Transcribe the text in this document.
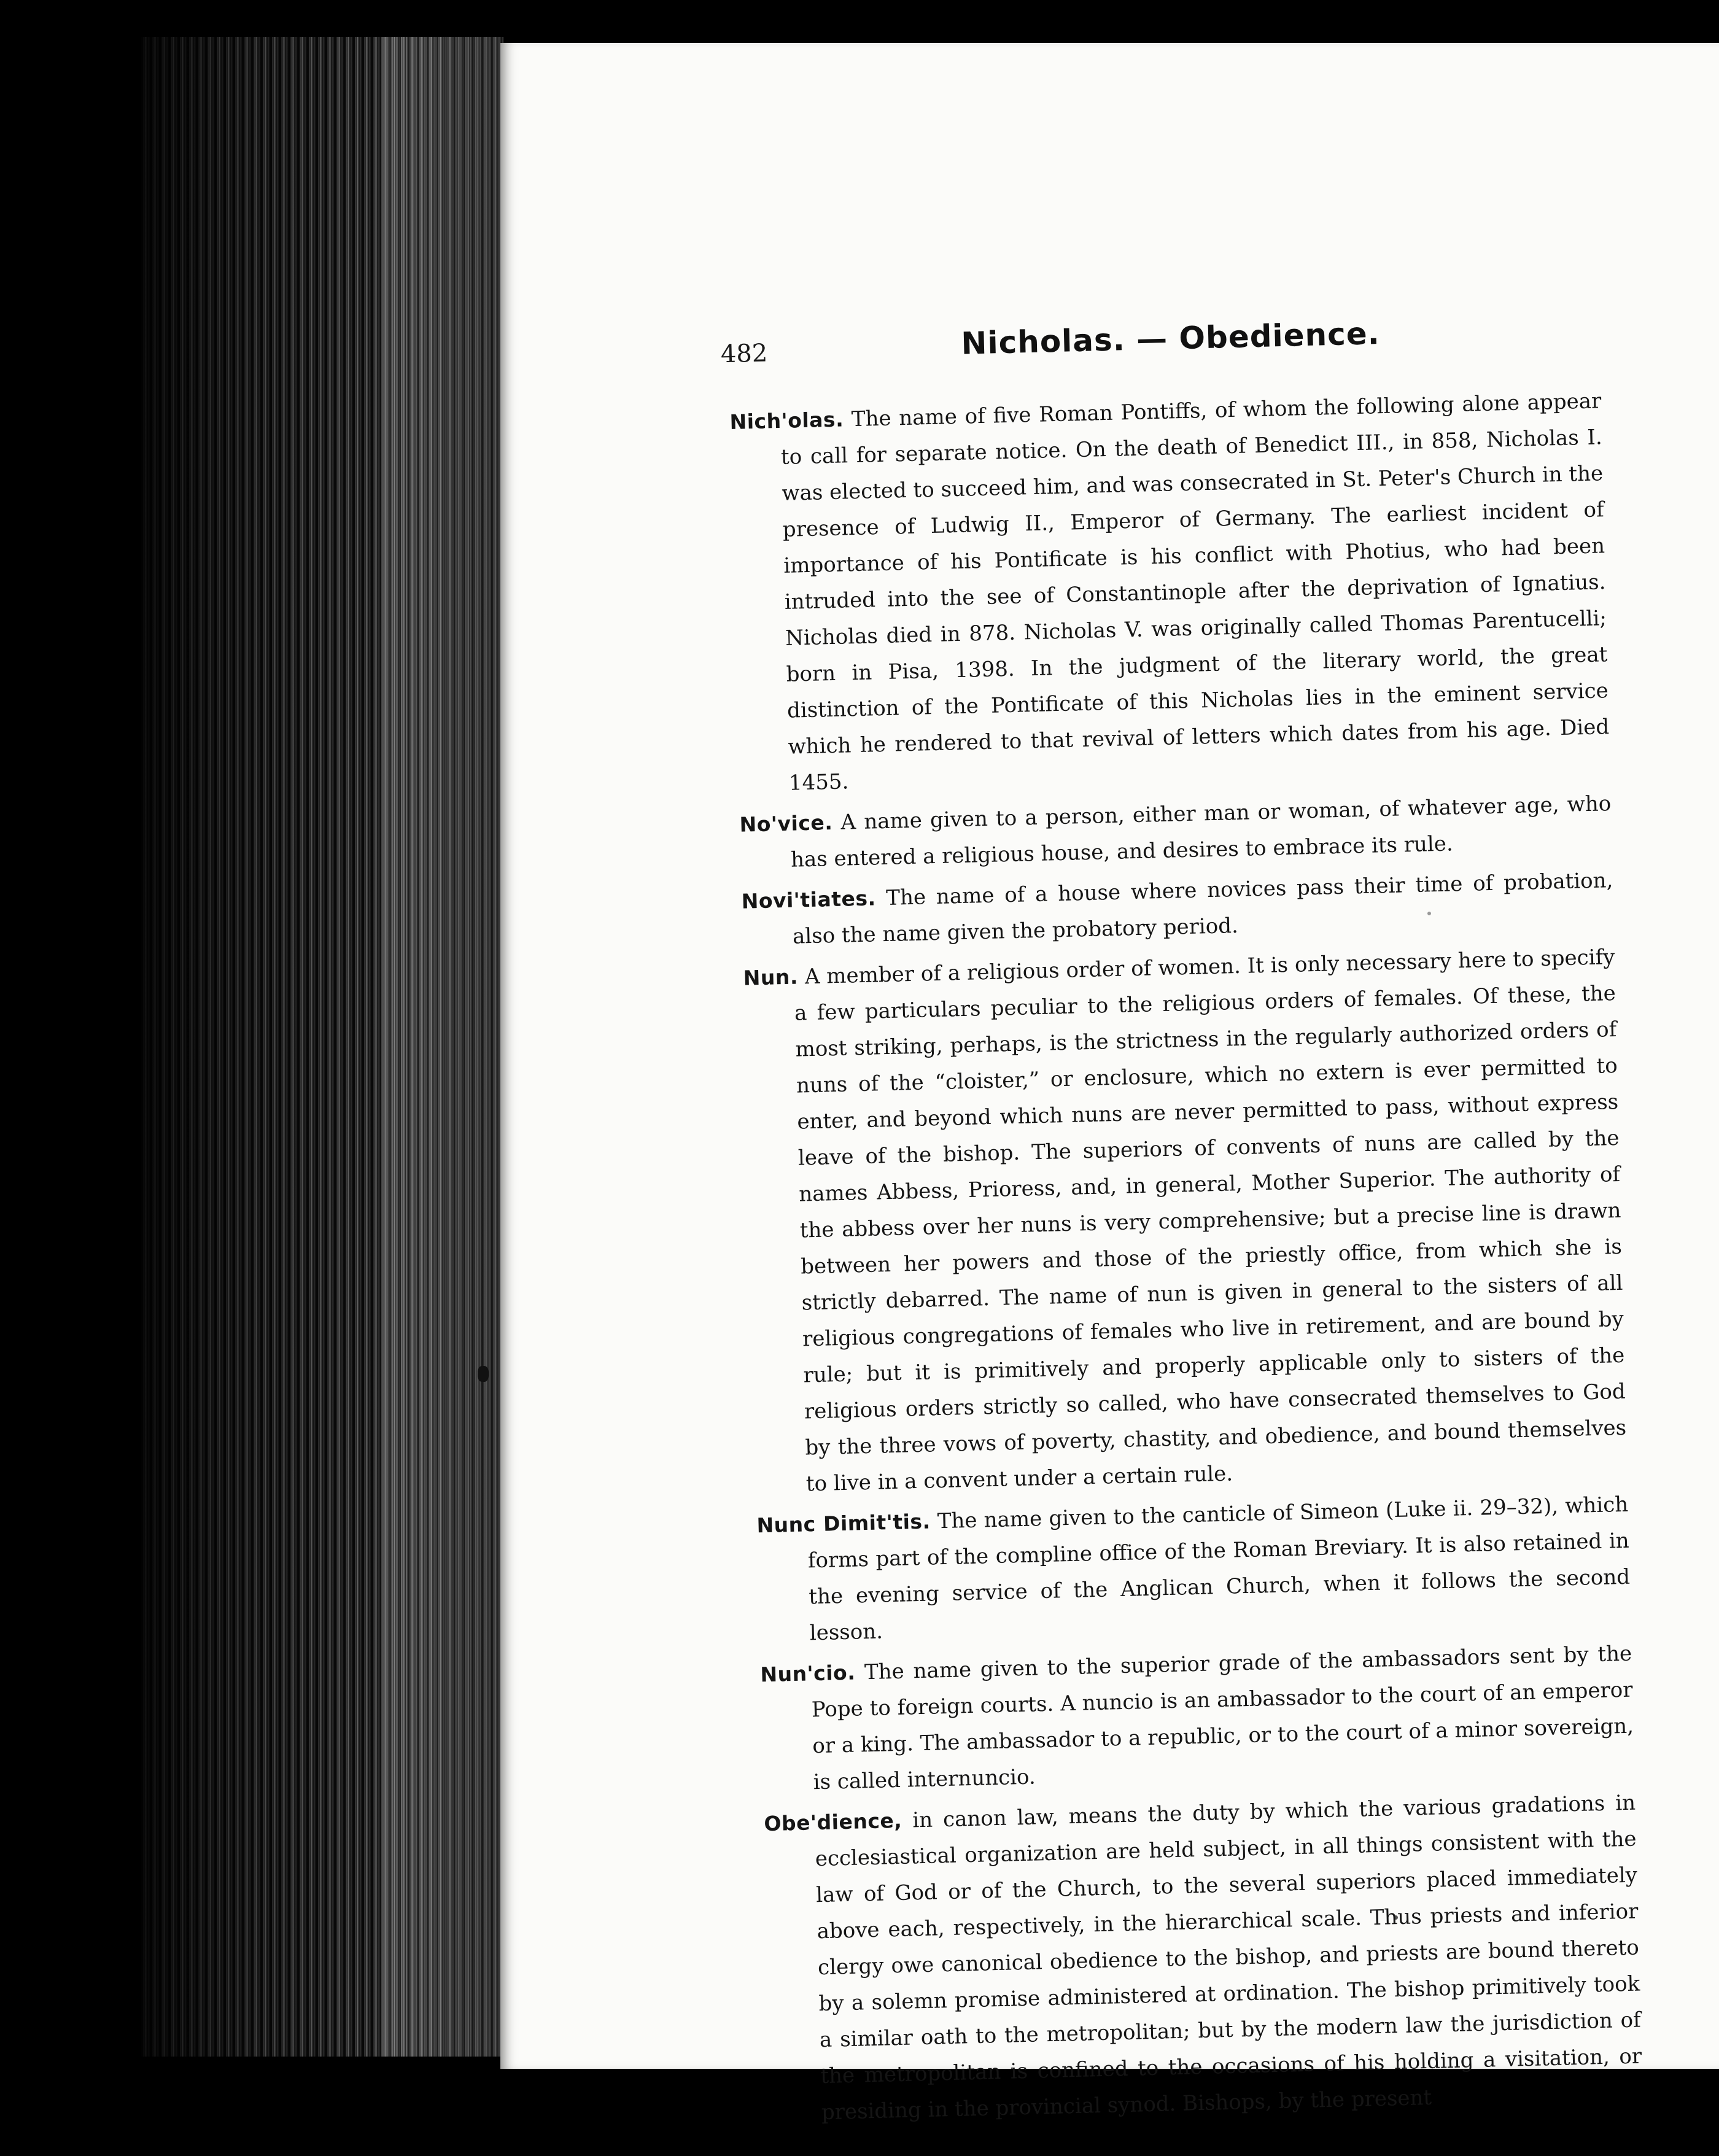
482	Nicholas. — Obedience.

Nich'olas. The name of five Roman Pontiffs, of whom the following alone appear to call for separate notice. On the death of Benedict III., in 858, Nicholas I. was elected to succeed him, and was consecrated in St. Peter's Church in the presence of Ludwig II., Emperor of Germany. The earliest incident of importance of his Pontificate is his conflict with Photius, who had been intruded into the see of Constantinople after the deprivation of Ignatius. Nicholas died in 878. Nicholas V. was originally called Thomas Parentucelli; born in Pisa, 1398. In the judgment of the literary world, the great distinction of the Pontificate of this Nicholas lies in the eminent service which he rendered to that revival of letters which dates from his age. Died 1455.

No'vice. A name given to a person, either man or woman, of whatever age, who has entered a religious house, and desires to embrace its rule.

Novi'tiates. The name of a house where novices pass their time of probation, also the name given the probatory period.

Nun. A member of a religious order of women. It is only necessary here to specify a few particulars peculiar to the religious orders of females. Of these, the most striking, perhaps, is the strictness in the regularly authorized orders of nuns of the “cloister,” or enclosure, which no extern is ever permitted to enter, and beyond which nuns are never permitted to pass, without express leave of the bishop. The superiors of convents of nuns are called by the names Abbess, Prioress, and, in general, Mother Superior. The authority of the abbess over her nuns is very comprehensive; but a precise line is drawn between her powers and those of the priestly office, from which she is strictly debarred. The name of nun is given in general to the sisters of all religious congregations of females who live in retirement, and are bound by rule; but it is primitively and properly applicable only to sisters of the religious orders strictly so called, who have consecrated themselves to God by the three vows of poverty, chastity, and obedience, and bound themselves to live in a convent under a certain rule.

Nunc Dimit'tis. The name given to the canticle of Simeon (Luke ii. 29–32), which forms part of the compline office of the Roman Breviary. It is also retained in the evening service of the Anglican Church, when it follows the second lesson.

Nun'cio. The name given to the superior grade of the ambassadors sent by the Pope to foreign courts. A nuncio is an ambassador to the court of an emperor or a king. The ambassador to a republic, or to the court of a minor sovereign, is called internuncio.

Obe'dience, in canon law, means the duty by which the various gradations in ecclesiastical organization are held subject, in all things consistent with the law of God or of the Church, to the several superiors placed immediately above each, respectively, in the hierarchical scale. Thus priests and inferior clergy owe canonical obedience to the bishop, and priests are bound thereto by a solemn promise administered at ordination. The bishop primitively took a similar oath to the metropolitan; but by the modern law the jurisdiction of the metropolitan is confined to the occasions of his holding a visitation, or presiding in the provincial synod. Bishops, by the present
